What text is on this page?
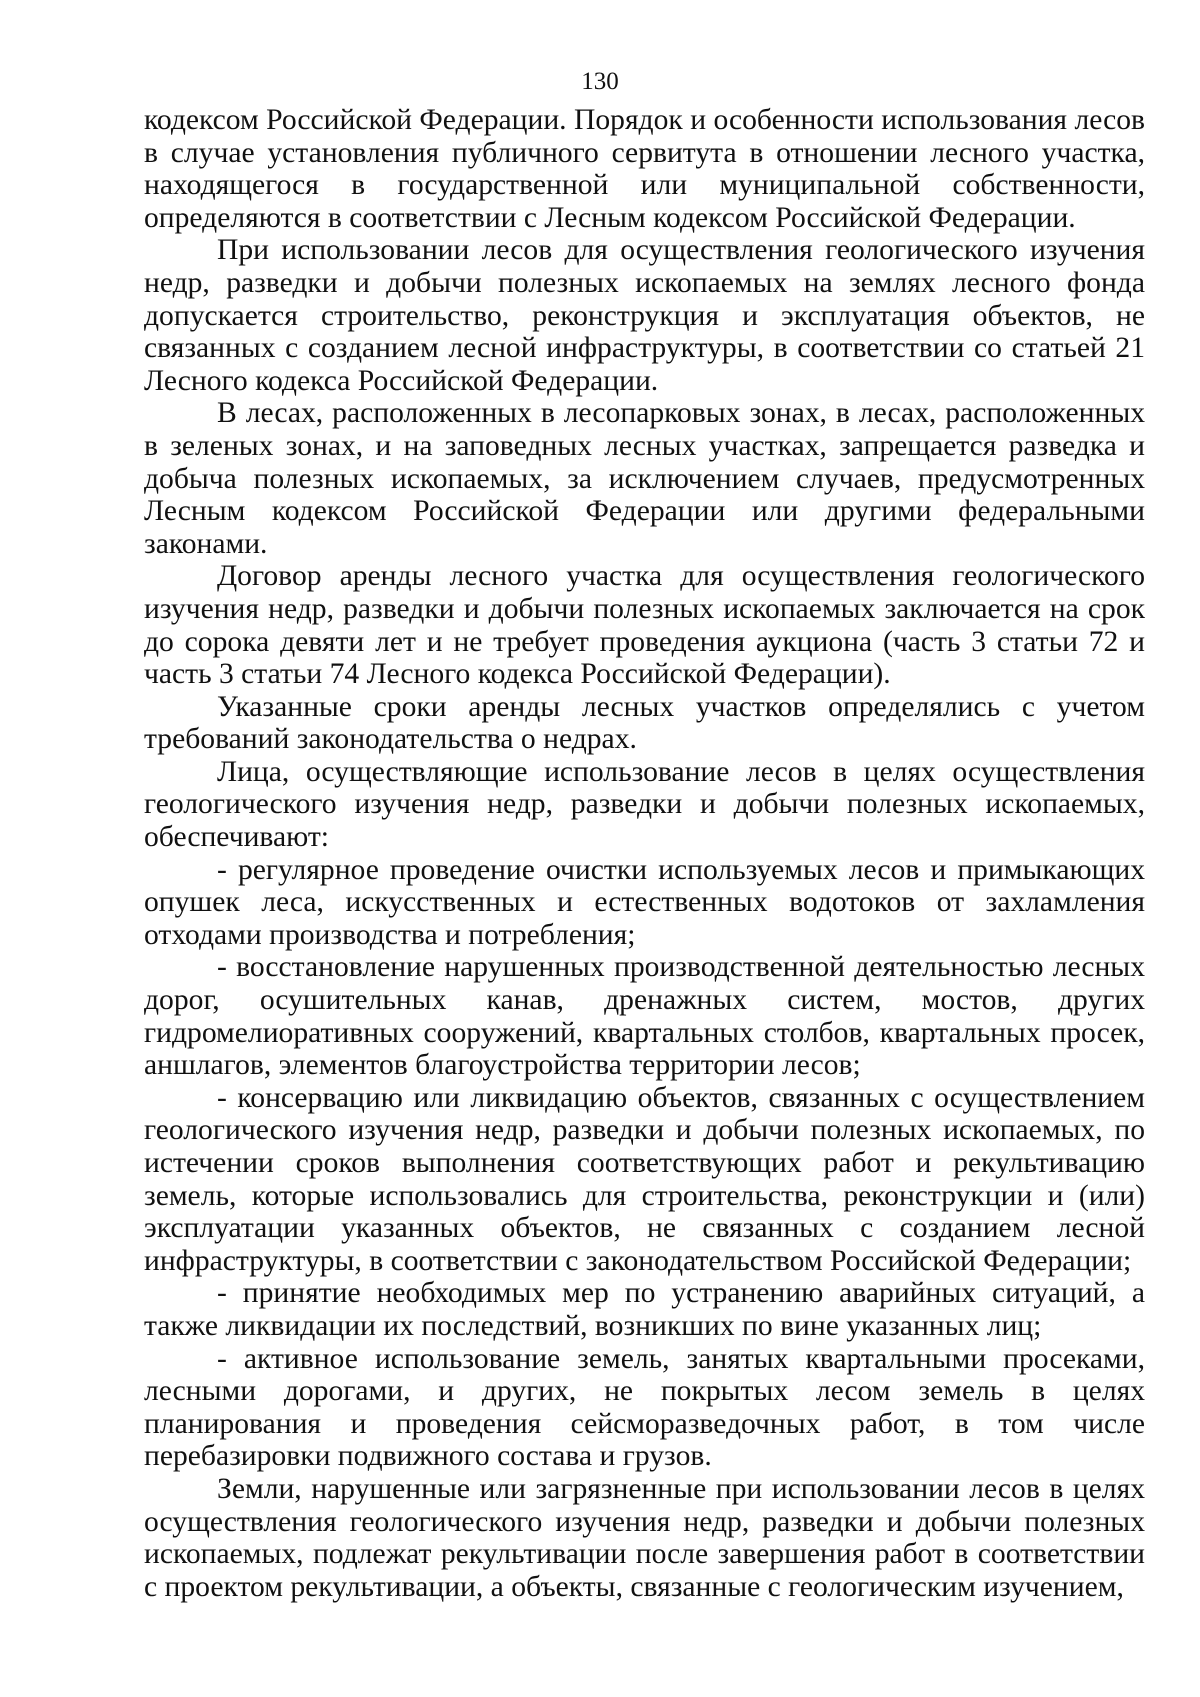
130

кодексом Российской Федерации. Порядок и особенности использования лесов в случае установления публичного сервитута в отношении лесного участка, находящегося в государственной или муниципальной собственности, определяются в соответствии с Лесным кодексом Российской Федерации.

При использовании лесов для осуществления геологического изучения недр, разведки и добычи полезных ископаемых на землях лесного фонда допускается строительство, реконструкция и эксплуатация объектов, не связанных с созданием лесной инфраструктуры, в соответствии со статьей 21 Лесного кодекса Российской Федерации.

В лесах, расположенных в лесопарковых зонах, в лесах, расположенных в зеленых зонах, и на заповедных лесных участках, запрещается разведка и добыча полезных ископаемых, за исключением случаев, предусмотренных Лесным кодексом Российской Федерации или другими федеральными законами.

Договор аренды лесного участка для осуществления геологического изучения недр, разведки и добычи полезных ископаемых заключается на срок до сорока девяти лет и не требует проведения аукциона (часть 3 статьи 72 и часть 3 статьи 74 Лесного кодекса Российской Федерации).

Указанные сроки аренды лесных участков определялись с учетом требований законодательства о недрах.

Лица, осуществляющие использование лесов в целях осуществления геологического изучения недр, разведки и добычи полезных ископаемых, обеспечивают:

- регулярное проведение очистки используемых лесов и примыкающих опушек леса, искусственных и естественных водотоков от захламления отходами производства и потребления;

- восстановление нарушенных производственной деятельностью лесных дорог, осушительных канав, дренажных систем, мостов, других гидромелиоративных сооружений, квартальных столбов, квартальных просек, аншлагов, элементов благоустройства территории лесов;

- консервацию или ликвидацию объектов, связанных с осуществлением геологического изучения недр, разведки и добычи полезных ископаемых, по истечении сроков выполнения соответствующих работ и рекультивацию земель, которые использовались для строительства, реконструкции и (или) эксплуатации указанных объектов, не связанных с созданием лесной инфраструктуры, в соответствии с законодательством Российской Федерации;

- принятие необходимых мер по устранению аварийных ситуаций, а также ликвидации их последствий, возникших по вине указанных лиц;

- активное использование земель, занятых квартальными просеками, лесными дорогами, и других, не покрытых лесом земель в целях планирования и проведения сейсморазведочных работ, в том числе перебазировки подвижного состава и грузов.

Земли, нарушенные или загрязненные при использовании лесов в целях осуществления геологического изучения недр, разведки и добычи полезных ископаемых, подлежат рекультивации после завершения работ в соответствии с проектом рекультивации, а объекты, связанные с геологическим изучением,
